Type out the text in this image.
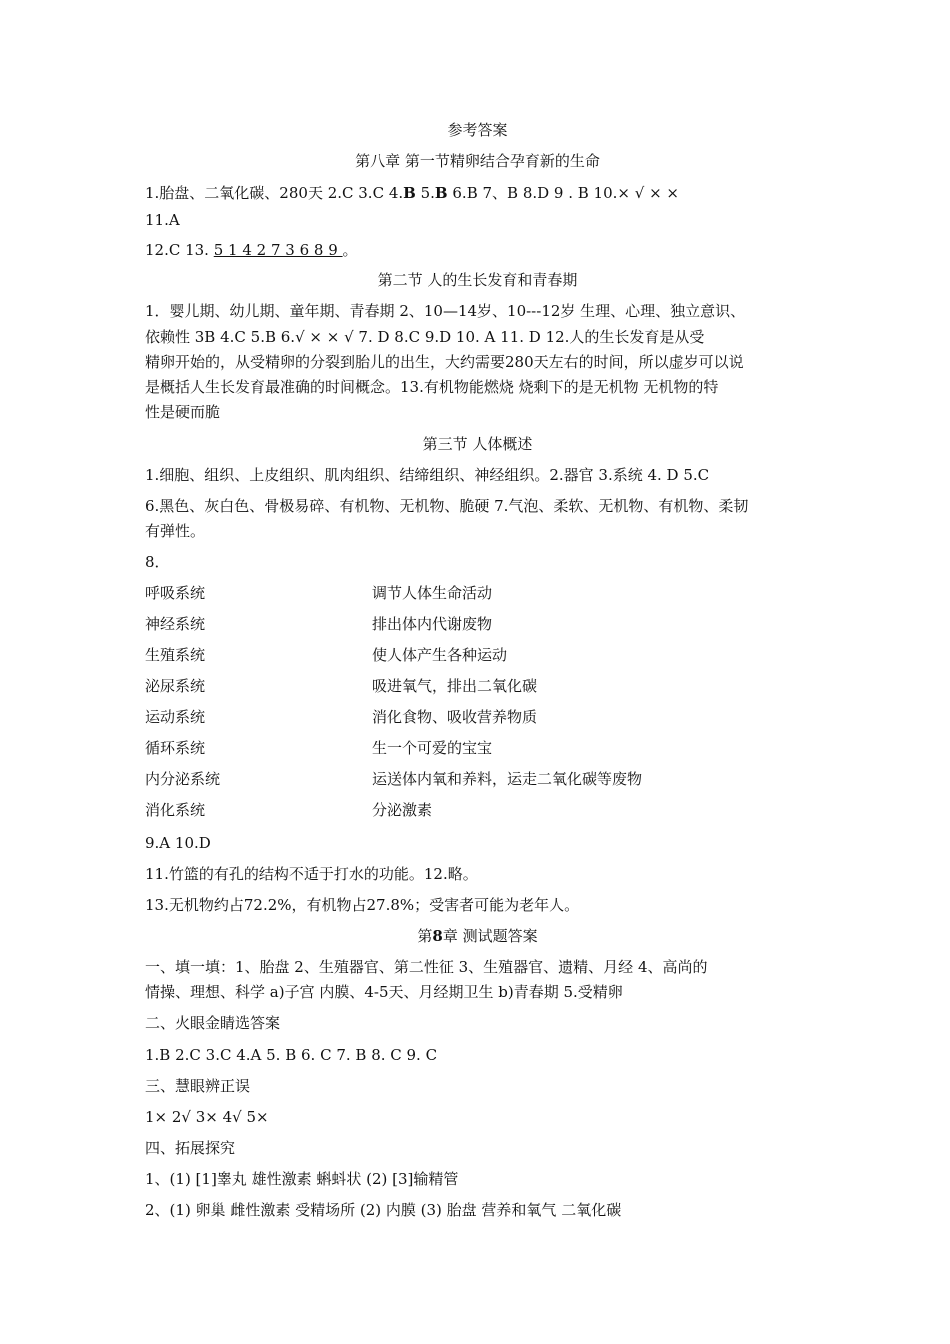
参考答案
第八章 第一节精卵结合孕育新的生命
1.胎盘、二氧化碳、280天 2.C 3.C 4.B 5.B 6.B 7、B 8.D 9 . B 10.× √ × ×
11.A
12.C 13. 5 1 4 2 7 3 6 8 9 。
第二节 人的生长发育和青春期
1．婴儿期、幼儿期、童年期、青春期 2、10—14岁、10---12岁 生理、心理、独立意识、
依赖性 3B 4.C 5.B 6.√ × × √ 7. D 8.C 9.D 10. A 11. D 12.人的生长发育是从受
精卵开始的，从受精卵的分裂到胎儿的出生，大约需要280天左右的时间，所以虚岁可以说
是概括人生长发育最准确的时间概念。13.有机物能燃烧 烧剩下的是无机物 无机物的特
性是硬而脆
第三节 人体概述
1.细胞、组织、上皮组织、肌肉组织、结缔组织、神经组织。2.器官 3.系统 4. D 5.C
6.黑色、灰白色、骨极易碎、有机物、无机物、脆硬 7.气泡、柔软、无机物、有机物、柔韧
有弹性。
8．
呼吸系统	调节人体生命活动
神经系统	排出体内代谢废物
生殖系统	使人体产生各种运动
泌尿系统	吸进氧气，排出二氧化碳
运动系统	消化食物、吸收营养物质
循环系统	生一个可爱的宝宝
内分泌系统	运送体内氧和养料，运走二氧化碳等废物
消化系统	分泌激素
9.A 10.D
11.竹篮的有孔的结构不适于打水的功能。12.略。
13.无机物约占72.2%，有机物占27.8%；受害者可能为老年人。
第8章 测试题答案
一、填一填：1、胎盘 2、生殖器官、第二性征 3、生殖器官、遗精、月经 4、高尚的
情操、理想、科学 a)子宫 内膜、4-5天、月经期卫生 b)青春期 5.受精卵
二、火眼金睛选答案
1.B 2.C 3.C 4.A 5. B 6. C 7. B 8. C 9. C
三、慧眼辨正误
1× 2√ 3× 4√ 5×
四、拓展探究
1、(1) [1]睾丸 雄性激素 蝌蚪状 (2) [3]输精管
2、(1) 卵巢 雌性激素 受精场所 (2) 内膜 (3) 胎盘 营养和氧气 二氧化碳
